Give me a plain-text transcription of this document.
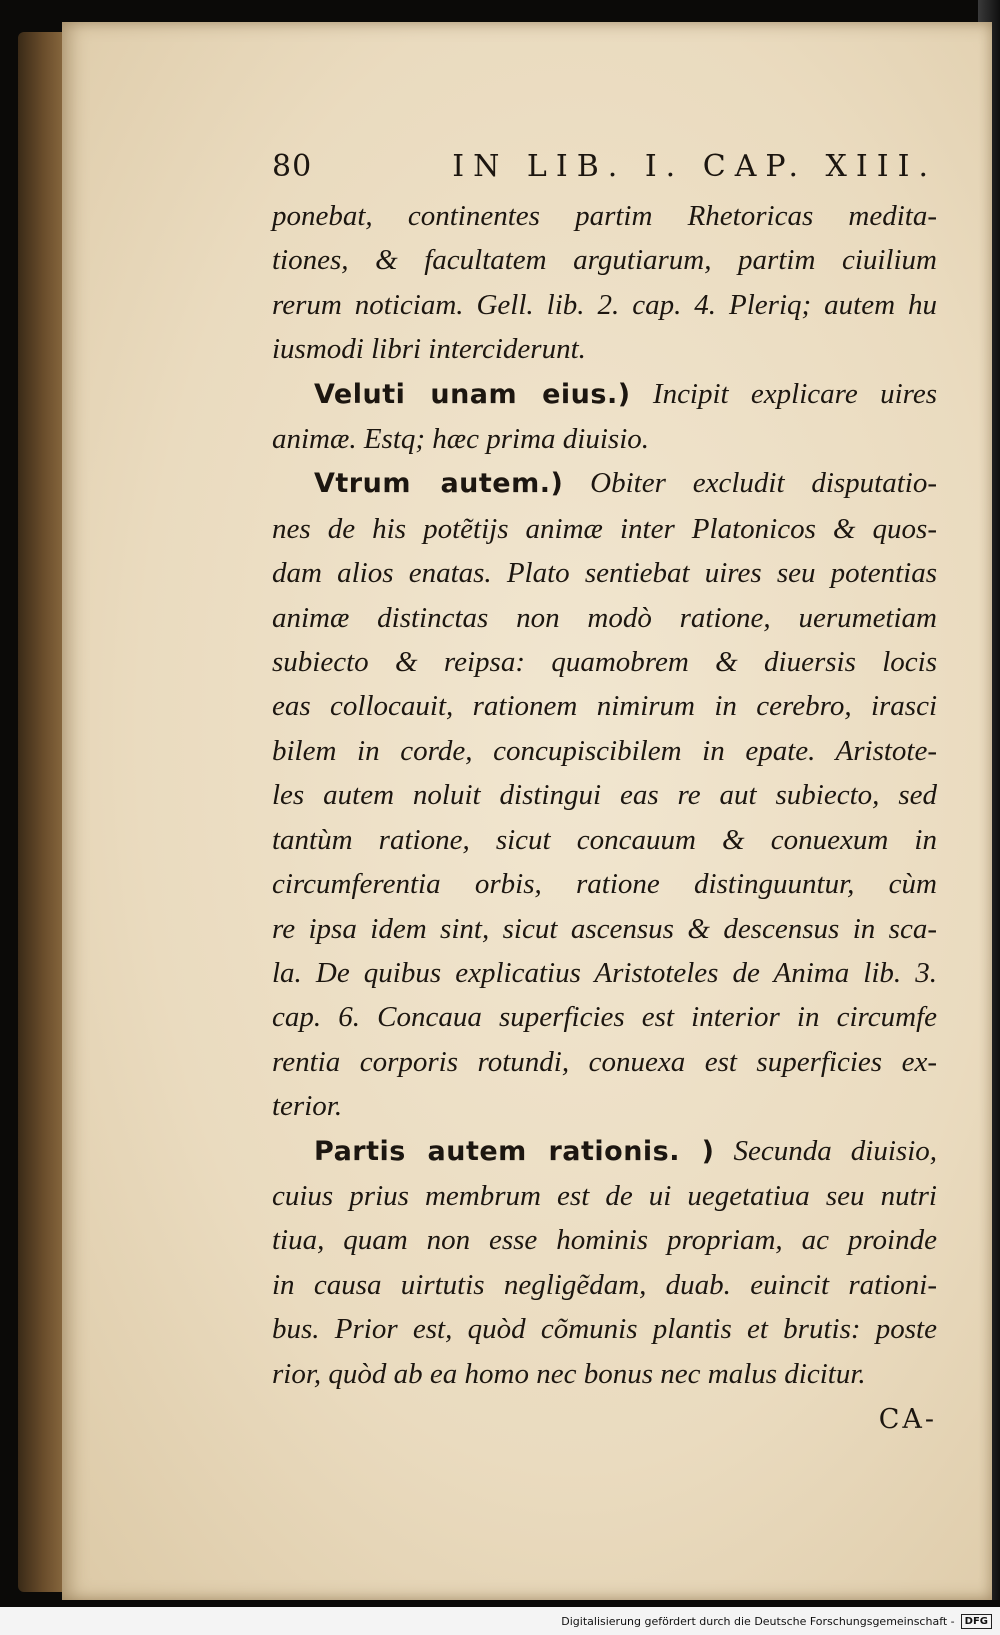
80	IN LIB. I. CAP. XIII.
ponebat, continentes partim Rhetoricas medita-
tiones, & facultatem argutiarum, partim ciuilium
rerum noticiam. Gell. lib. 2. cap. 4. Pleriq; autem hu
iusmodi libri interciderunt.
Veluti unam eius.) Incipit explicare uires
animæ. Estq; hæc prima diuisio.
Vtrum autem.) Obiter excludit disputatio-
nes de his potẽtijs animæ inter Platonicos & quos-
dam alios enatas. Plato sentiebat uires seu potentias
animæ distinctas non modò ratione, uerumetiam
subiecto & reipsa: quamobrem & diuersis locis
eas collocauit, rationem nimirum in cerebro, irasci
bilem in corde, concupiscibilem in epate. Aristote-
les autem noluit distingui eas re aut subiecto, sed
tantùm ratione, sicut concauum & conuexum in
circumferentia orbis, ratione distinguuntur, cùm
re ipsa idem sint, sicut ascensus & descensus in sca-
la. De quibus explicatius Aristoteles de Anima lib. 3.
cap. 6. Concaua superficies est interior in circumfe
rentia corporis rotundi, conuexa est superficies ex-
terior.
Partis autem rationis. ) Secunda diuisio,
cuius prius membrum est de ui uegetatiua seu nutri
tiua, quam non esse hominis propriam, ac proinde
in causa uirtutis negligẽdam, duab. euincit rationi-
bus. Prior est, quòd cõmunis plantis et brutis: poste
rior, quòd ab ea homo nec bonus nec malus dicitur.
CA-
Digitalisierung gefördert durch die Deutsche Forschungsgemeinschaft -	DFG
